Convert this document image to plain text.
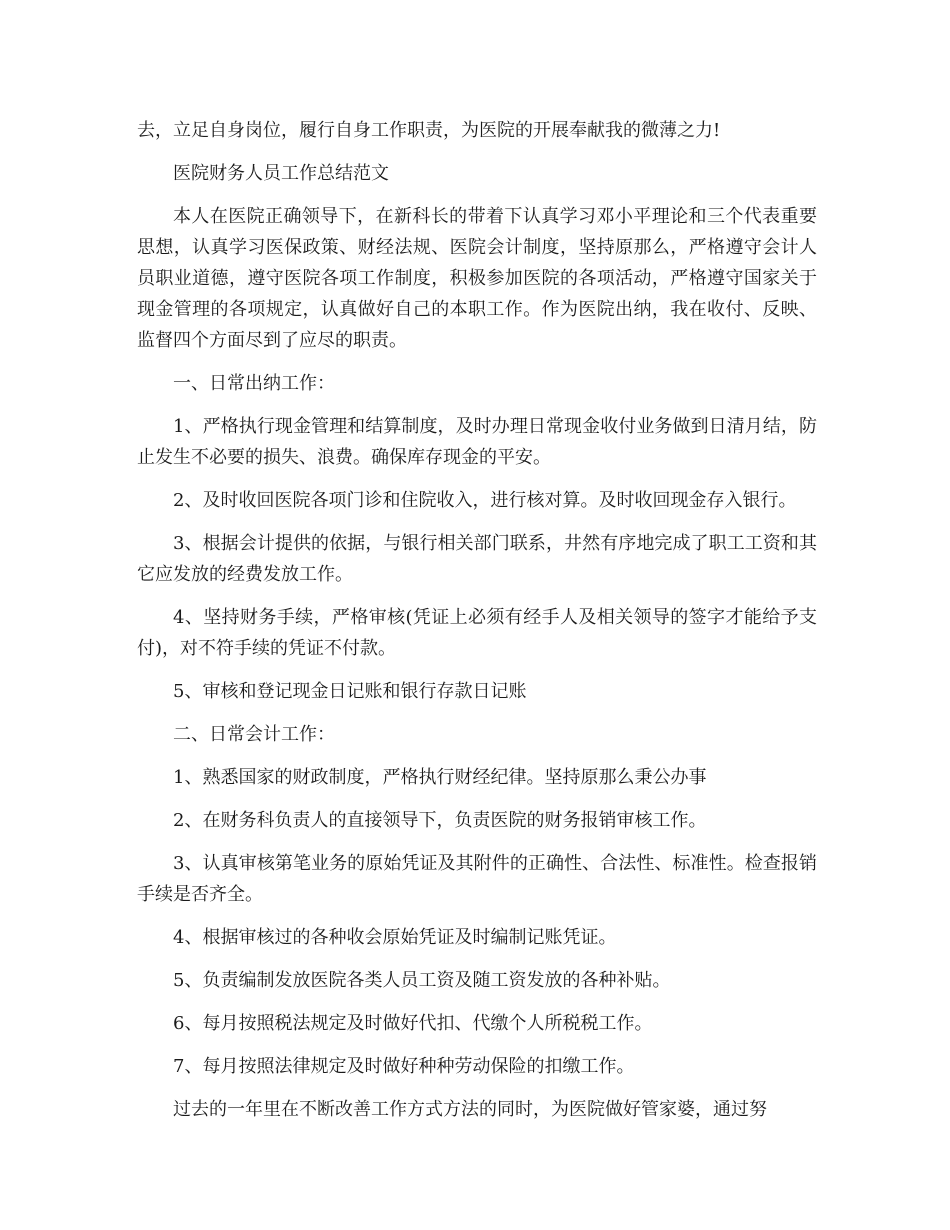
去，立足自身岗位，履行自身工作职责，为医院的开展奉献我的微薄之力!

医院财务人员工作总结范文

本人在医院正确领导下，在新科长的带着下认真学习邓小平理论和三个代表重要思想，认真学习医保政策、财经法规、医院会计制度，坚持原那么，严格遵守会计人员职业道德，遵守医院各项工作制度，积极参加医院的各项活动，严格遵守国家关于现金管理的各项规定，认真做好自己的本职工作。作为医院出纳，我在收付、反映、监督四个方面尽到了应尽的职责。

一、日常出纳工作：

1、严格执行现金管理和结算制度，及时办理日常现金收付业务做到日清月结，防止发生不必要的损失、浪费。确保库存现金的平安。

2、及时收回医院各项门诊和住院收入，进行核对算。及时收回现金存入银行。

3、根据会计提供的依据，与银行相关部门联系，井然有序地完成了职工工资和其它应发放的经费发放工作。

4、坚持财务手续，严格审核(凭证上必须有经手人及相关领导的签字才能给予支付)，对不符手续的凭证不付款。

5、审核和登记现金日记账和银行存款日记账

二、日常会计工作：

1、熟悉国家的财政制度，严格执行财经纪律。坚持原那么秉公办事

2、在财务科负责人的直接领导下，负责医院的财务报销审核工作。

3、认真审核第笔业务的原始凭证及其附件的正确性、合法性、标准性。检查报销手续是否齐全。

4、根据审核过的各种收会原始凭证及时编制记账凭证。

5、负责编制发放医院各类人员工资及随工资发放的各种补贴。

6、每月按照税法规定及时做好代扣、代缴个人所税税工作。

7、每月按照法律规定及时做好种种劳动保险的扣缴工作。

过去的一年里在不断改善工作方式方法的同时，为医院做好管家婆，通过努
